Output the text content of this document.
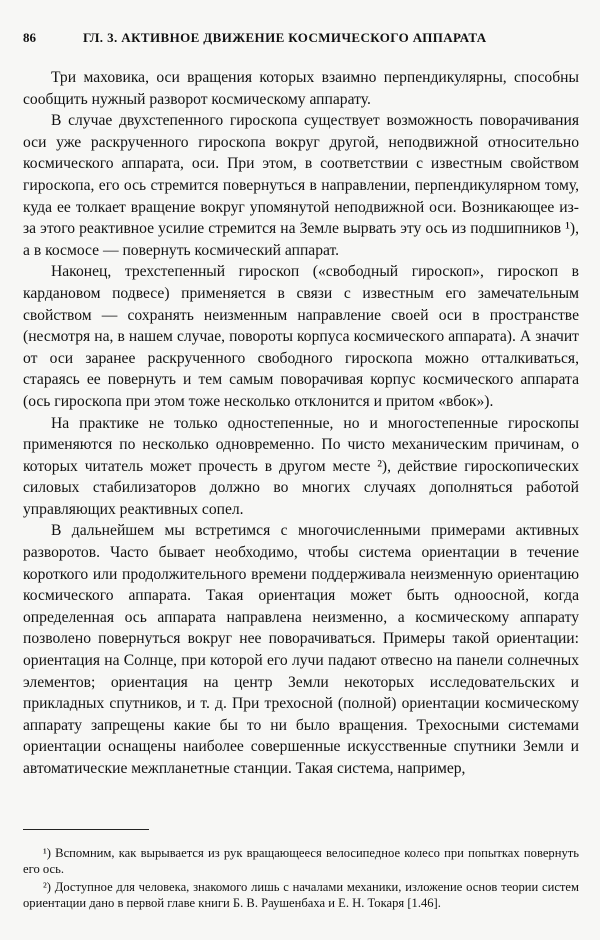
86	ГЛ. 3. АКТИВНОЕ ДВИЖЕНИЕ КОСМИЧЕСКОГО АППАРАТА

Три маховика, оси вращения которых взаимно перпендикулярны, способны сообщить нужный разворот космическому аппарату.

В случае двухстепенного гироскопа существует возможность поворачивания оси уже раскрученного гироскопа вокруг другой, неподвижной относительно космического аппарата, оси. При этом, в соответствии с известным свойством гироскопа, его ось стремится повернуться в направлении, перпендикулярном тому, куда ее толкает вращение вокруг упомянутой неподвижной оси. Возникающее из-за этого реактивное усилие стремится на Земле вырвать эту ось из подшипников ¹), а в космосе — повернуть космический аппарат.

Наконец, трехстепенный гироскоп («свободный гироскоп», гироскоп в кардановом подвесе) применяется в связи с известным его замечательным свойством — сохранять неизменным направление своей оси в пространстве (несмотря на, в нашем случае, повороты корпуса космического аппарата). А значит от оси заранее раскрученного свободного гироскопа можно отталкиваться, стараясь ее повернуть и тем самым поворачивая корпус космического аппарата (ось гироскопа при этом тоже несколько отклонится и притом «вбок»).

На практике не только одностепенные, но и многостепенные гироскопы применяются по несколько одновременно. По чисто механическим причинам, о которых читатель может прочесть в другом месте ²), действие гироскопических силовых стабилизаторов должно во многих случаях дополняться работой управляющих реактивных сопел.

В дальнейшем мы встретимся с многочисленными примерами активных разворотов. Часто бывает необходимо, чтобы система ориентации в течение короткого или продолжительного времени поддерживала неизменную ориентацию космического аппарата. Такая ориентация может быть одноосной, когда определенная ось аппарата направлена неизменно, а космическому аппарату позволено повернуться вокруг нее поворачиваться. Примеры такой ориентации: ориентация на Солнце, при которой его лучи падают отвесно на панели солнечных элементов; ориентация на центр Земли некоторых исследовательских и прикладных спутников, и т. д. При трехосной (полной) ориентации космическому аппарату запрещены какие бы то ни было вращения. Трехосными системами ориентации оснащены наиболее совершенные искусственные спутники Земли и автоматические межпланетные станции. Такая система, например,

¹) Вспомним, как вырывается из рук вращающееся велосипедное колесо при попытках повернуть его ось.

²) Доступное для человека, знакомого лишь с началами механики, изложение основ теории систем ориентации дано в первой главе книги Б. В. Раушенбаха и Е. Н. Токаря [1.46].
